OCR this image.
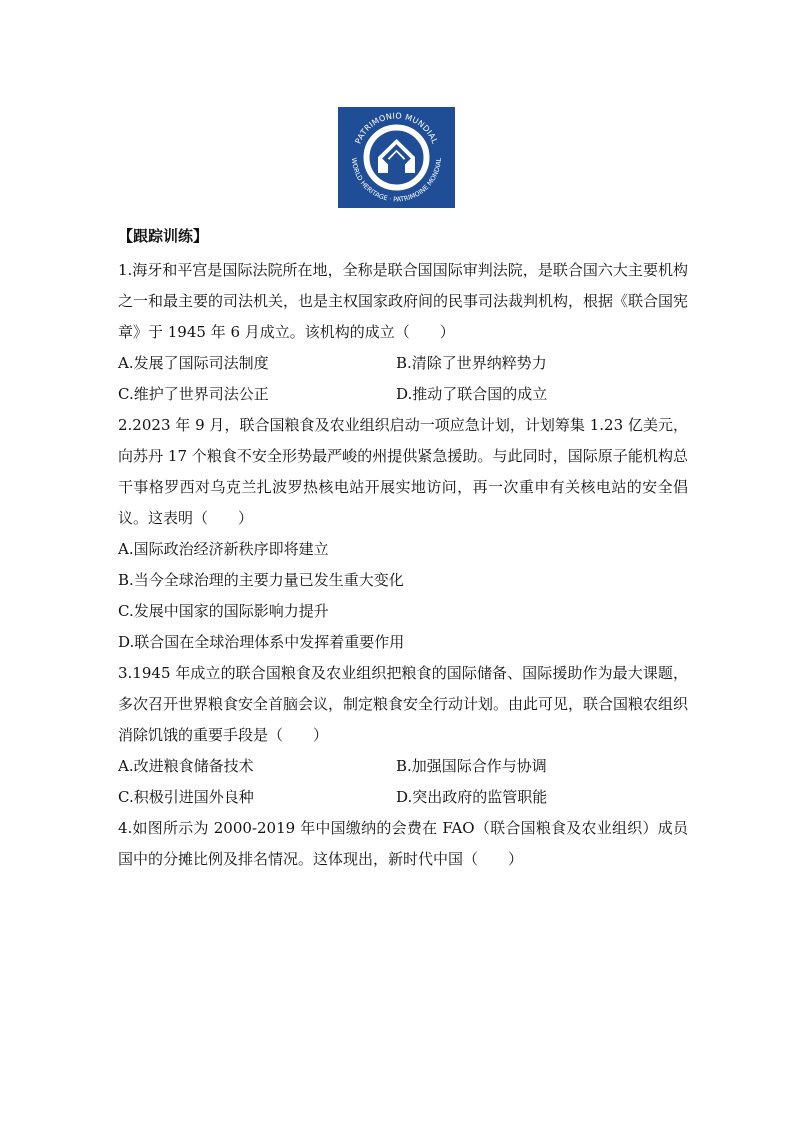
PATRIMONIO MUNDIAL
WORLD HERITAGE · PATRIMOINE MONDIAL
【跟踪训练】
1.海牙和平宫是国际法院所在地，全称是联合国国际审判法院，是联合国六大主要机构之一和最主要的司法机关，也是主权国家政府间的民事司法裁判机构，根据《联合国宪章》于 1945 年 6 月成立。该机构的成立（　　）
A.发展了国际司法制度	B.清除了世界纳粹势力
C.维护了世界司法公正	D.推动了联合国的成立
2.2023 年 9 月，联合国粮食及农业组织启动一项应急计划，计划筹集 1.23 亿美元，向苏丹 17 个粮食不安全形势最严峻的州提供紧急援助。与此同时，国际原子能机构总干事格罗西对乌克兰扎波罗热核电站开展实地访问，再一次重申有关核电站的安全倡议。这表明（　　）
A.国际政治经济新秩序即将建立
B.当今全球治理的主要力量已发生重大变化
C.发展中国家的国际影响力提升
D.联合国在全球治理体系中发挥着重要作用
3.1945 年成立的联合国粮食及农业组织把粮食的国际储备、国际援助作为最大课题，多次召开世界粮食安全首脑会议，制定粮食安全行动计划。由此可见，联合国粮农组织消除饥饿的重要手段是（　　）
A.改进粮食储备技术	B.加强国际合作与协调
C.积极引进国外良种	D.突出政府的监管职能
4.如图所示为 2000-2019 年中国缴纳的会费在 FAO（联合国粮食及农业组织）成员国中的分摊比例及排名情况。这体现出，新时代中国（　　）
